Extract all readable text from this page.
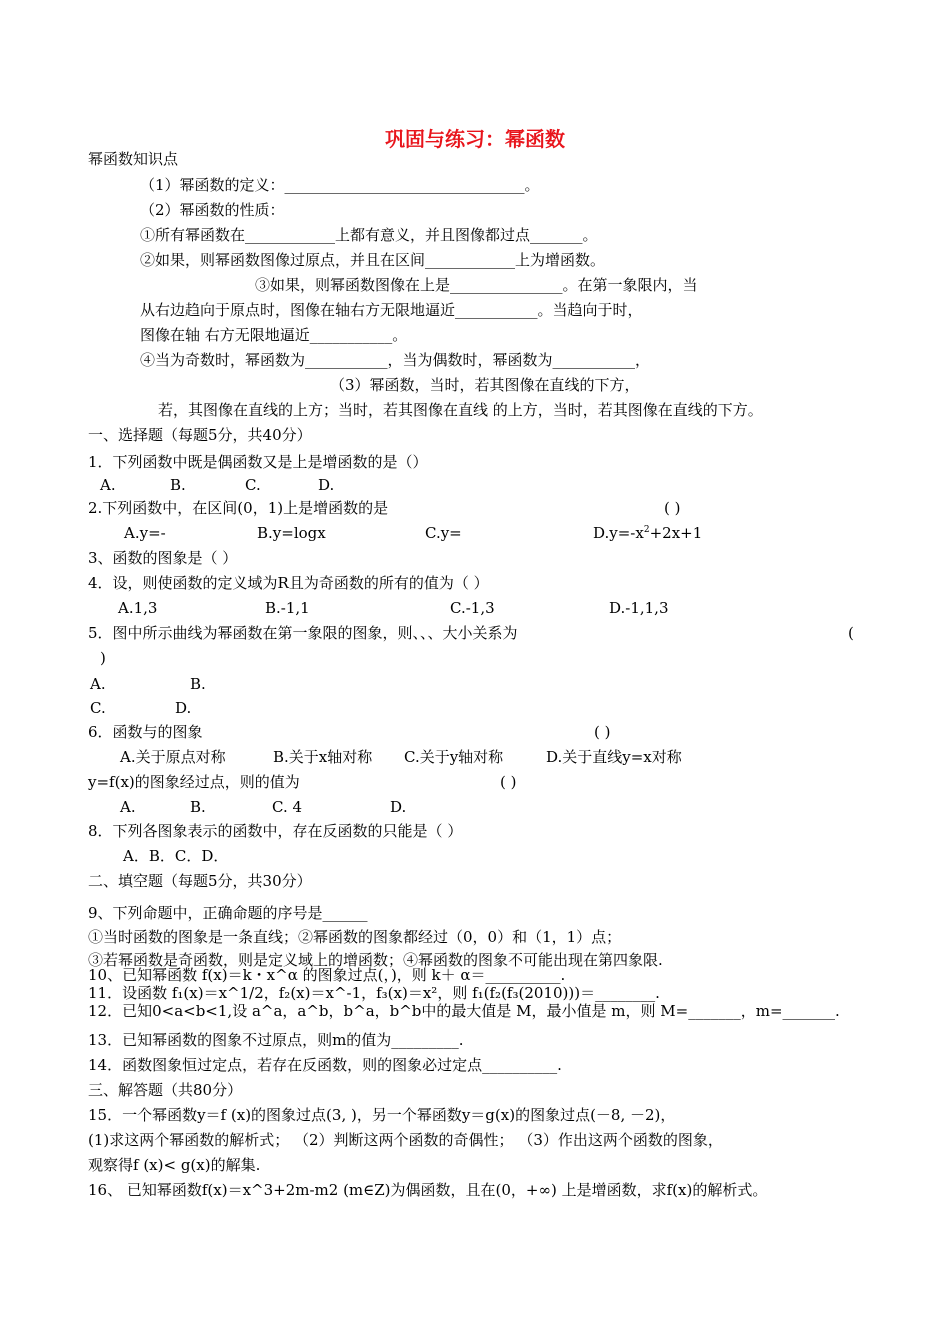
巩固与练习：幂函数
幂函数知识点
（1）幂函数的定义：________________________________。
（2）幂函数的性质：
①所有幂函数在____________上都有意义，并且图像都过点_______。
②如果，则幂函数图像过原点，并且在区间____________上为增函数。
③如果，则幂函数图像在上是_______________。在第一象限内，当
从右边趋向于原点时，图像在轴右方无限地逼近___________。当趋向于时，
图像在轴 右方无限地逼近___________。
④当为奇数时，幂函数为___________，当为偶数时，幂函数为___________，
（3）幂函数，当时，若其图像在直线的下方，
若，其图像在直线的上方；当时，若其图像在直线 的上方，当时，若其图像在直线的下方。
一、选择题（每题5分，共40分）
1．下列函数中既是偶函数又是上是增函数的是（）
A.	B.	C.	D.
2.下列函数中，在区间(0，1)上是增函数的是	( )
A.y=-	B.y=logx	C.y=	$D.y=-x^2+2x+1$
3、函数的图象是（ ）
4．设，则使函数的定义域为R且为奇函数的所有的值为（ ）
A.1,3	B.-1,1	C.-1,3	D.-1,1,3
5．图中所示曲线为幂函数在第一象限的图象，则、、、大小关系为	(
)
A.	B.
C.	D.
6．函数与的图象	( )
A.关于原点对称	B.关于x轴对称 C.关于y轴对称	D.关于直线y=x对称
y=f(x)的图象经过点，则的值为	( )
A.	B.	C. 4	D.
8．下列各图象表示的函数中，存在反函数的只能是（ ）
A．B．C．D．
二、填空题（每题5分，共30分）
9、下列命题中，正确命题的序号是______
①当时函数的图象是一条直线；②幂函数的图象都经过（0，0）和（1，1）点；
③若幂函数是奇函数，则是定义域上的增函数；④幂函数的图象不可能出现在第四象限.
10、已知幂函数 f(x)＝k・x^α 的图象过点(，)，则 k＋ α＝__________.
11．设函数 f₁(x)＝x^1/2，f₂(x)＝x^-1，f₃(x)＝x²，则 f₁(f₂(f₃(2010)))＝________.
12．已知0<a<b<1,设 a^a，a^b，b^a，b^b中的最大值是 M，最小值是 m，则 M=_______，m=_______.
13．已知幂函数的图象不过原点，则m的值为_________.
14．函数图象恒过定点，若存在反函数，则的图象必过定点__________.
三、解答题（共80分）
15．一个幂函数y＝f (x)的图象过点(3, )，另一个幂函数y＝g(x)的图象过点(－8, －2)，
(1)求这两个幂函数的解析式； （2）判断这两个函数的奇偶性； （3）作出这两个函数的图象，
观察得f (x)< g(x)的解集.
16、 已知幂函数f(x)＝x^3+2m-m2 (m∈Z)为偶函数，且在(0，+∞) 上是增函数，求f(x)的解析式。
